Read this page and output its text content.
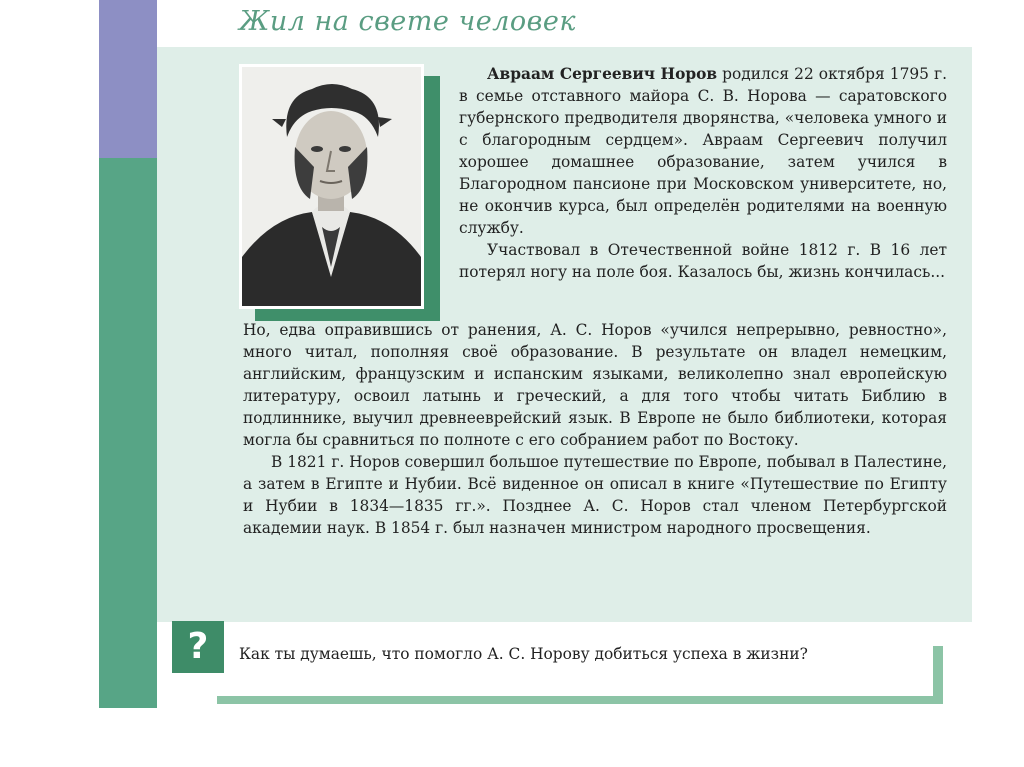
Жил на свете человек

Авраам Сергеевич Норов родился 22 октября 1795 г. в семье отставного майора С. В. Норова — саратовского губернского предводителя дворянства, «человека умного и с благородным сердцем». Авраам Сергеевич получил хорошее домашнее образование, затем учился в Благородном пансионе при Московском университете, но, не окончив курса, был определён родителями на военную службу.

Участвовал в Отечественной войне 1812 г. В 16 лет потерял ногу на поле боя. Казалось бы, жизнь кончилась...

Но, едва оправившись от ранения, А. С. Норов «учился непрерывно, ревностно», много читал, пополняя своё образование. В результате он владел немецким, английским, французским и испанским языками, великолепно знал европейскую литературу, освоил латынь и греческий, а для того чтобы читать Библию в подлиннике, выучил древнееврейский язык. В Европе не было библиотеки, которая могла бы сравниться по полноте с его собранием работ по Востоку.

В 1821 г. Норов совершил большое путешествие по Европе, побывал в Палестине, а затем в Египте и Нубии. Всё виденное он описал в книге «Путешествие по Египту и Нубии в 1834—1835 гг.». Позднее А. С. Норов стал членом Петербургской академии наук. В 1854 г. был назначен министром народного просвещения.

?	Как ты думаешь, что помогло А. С. Норову добиться успеха в жизни?
